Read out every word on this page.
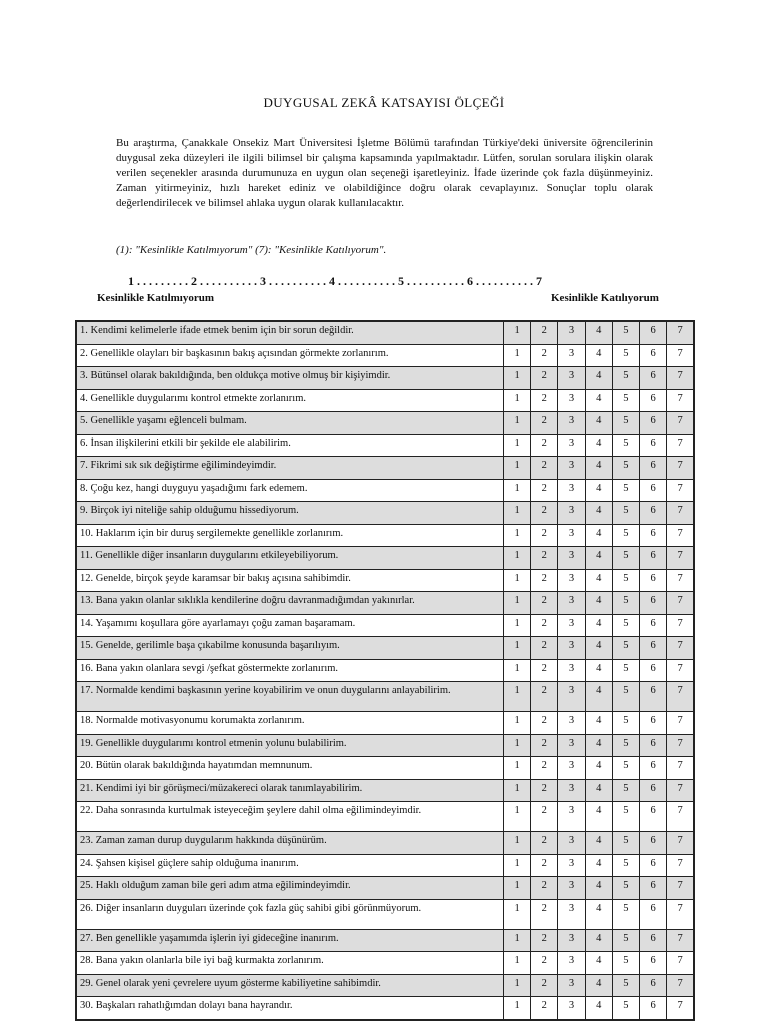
DUYGUSAL ZEKÂ KATSAYISI ÖLÇEĞİ
Bu araştırma, Çanakkale Onsekiz Mart Üniversitesi İşletme Bölümü tarafından Türkiye'deki üniversite öğrencilerinin duygusal zeka düzeyleri ile ilgili bilimsel bir çalışma kapsamında yapılmaktadır. Lütfen, sorulan sorulara ilişkin olarak verilen seçenekler arasında durumunuza en uygun olan seçeneği işaretleyiniz. İfade üzerinde çok fazla düşünmeyiniz. Zaman yitirmeyiniz, hızlı hareket ediniz ve olabildiğince doğru olarak cevaplayınız. Sonuçlar toplu olarak değerlendirilecek ve bilimsel ahlaka uygun olarak kullanılacaktır.
(1): "Kesinlikle Katılmıyorum" (7): "Kesinlikle Katılıyorum".
1 . . . . . . . . . 2 . . . . . . . . . . 3 . . . . . . . . . . 4 . . . . . . . . . . 5 . . . . . . . . . . 6 . . . . . . . . . . 7
Kesinlikle Katılmıyorum	Kesinlikle Katılıyorum
1. Kendimi kelimelerle ifade etmek benim için bir sorun değildir.	1	2	3	4	5	6	7
2. Genellikle olayları bir başkasının bakış açısından görmekte zorlanırım.	1	2	3	4	5	6	7
3. Bütünsel olarak bakıldığında, ben oldukça motive olmuş bir kişiyimdir.	1	2	3	4	5	6	7
4. Genellikle duygularımı kontrol etmekte zorlanırım.	1	2	3	4	5	6	7
5. Genellikle yaşamı eğlenceli bulmam.	1	2	3	4	5	6	7
6. İnsan ilişkilerini etkili bir şekilde ele alabilirim.	1	2	3	4	5	6	7
7. Fikrimi sık sık değiştirme eğilimindeyimdir.	1	2	3	4	5	6	7
8. Çoğu kez, hangi duyguyu yaşadığımı fark edemem.	1	2	3	4	5	6	7
9. Birçok iyi niteliğe sahip olduğumu hissediyorum.	1	2	3	4	5	6	7
10. Haklarım için bir duruş sergilemekte genellikle zorlanırım.	1	2	3	4	5	6	7
11. Genellikle diğer insanların duygularını etkileyebiliyorum.	1	2	3	4	5	6	7
12. Genelde, birçok şeyde karamsar bir bakış açısına sahibimdir.	1	2	3	4	5	6	7
13. Bana yakın olanlar sıklıkla kendilerine doğru davranmadığımdan yakınırlar.	1	2	3	4	5	6	7
14. Yaşamımı koşullara göre ayarlamayı çoğu zaman başaramam.	1	2	3	4	5	6	7
15. Genelde, gerilimle başa çıkabilme konusunda başarılıyım.	1	2	3	4	5	6	7
16. Bana yakın olanlara sevgi /şefkat göstermekte zorlanırım.	1	2	3	4	5	6	7
17. Normalde kendimi başkasının yerine koyabilirim ve onun duygularını anlayabilirim.	1	2	3	4	5	6	7
18. Normalde motivasyonumu korumakta zorlanırım.	1	2	3	4	5	6	7
19. Genellikle duygularımı kontrol etmenin yolunu bulabilirim.	1	2	3	4	5	6	7
20. Bütün olarak bakıldığında hayatımdan memnunum.	1	2	3	4	5	6	7
21. Kendimi iyi bir görüşmeci/müzakereci olarak tanımlayabilirim.	1	2	3	4	5	6	7
22. Daha sonrasında kurtulmak isteyeceğim şeylere dahil olma eğilimindeyimdir.	1	2	3	4	5	6	7
23. Zaman zaman durup duygularım hakkında düşünürüm.	1	2	3	4	5	6	7
24. Şahsen kişisel güçlere sahip olduğuma inanırım.	1	2	3	4	5	6	7
25. Haklı olduğum zaman bile geri adım atma eğilimindeyimdir.	1	2	3	4	5	6	7
26. Diğer insanların duyguları üzerinde çok fazla güç sahibi gibi görünmüyorum.	1	2	3	4	5	6	7
27. Ben genellikle yaşamımda işlerin iyi gideceğine inanırım.	1	2	3	4	5	6	7
28. Bana yakın olanlarla bile iyi bağ kurmakta zorlanırım.	1	2	3	4	5	6	7
29. Genel olarak yeni çevrelere uyum gösterme kabiliyetine sahibimdir.	1	2	3	4	5	6	7
30. Başkaları rahatlığımdan dolayı bana hayrandır.	1	2	3	4	5	6	7
